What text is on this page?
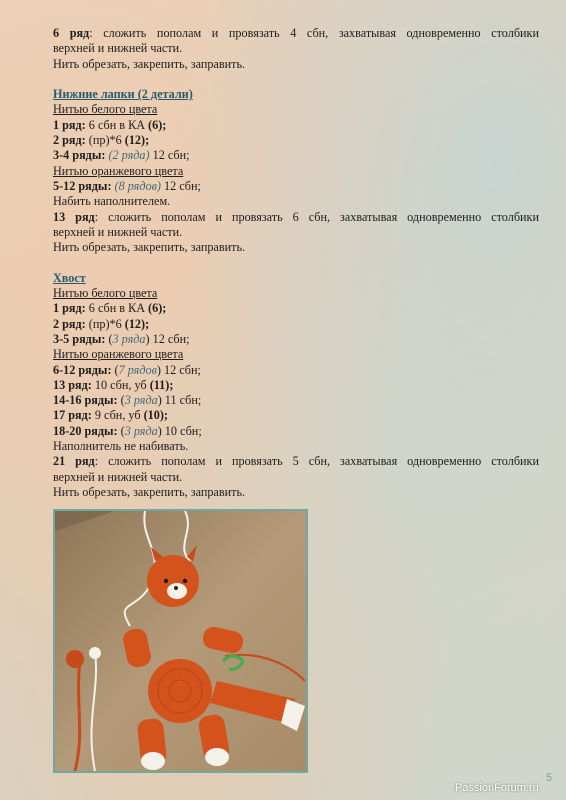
6 ряд: сложить пополам и провязать 4 сбн, захватывая одновременно столбики
верхней и нижней части.
Нить обрезать, закрепить, заправить.
Нижние лапки (2 детали)
Нитью белого цвета
1 ряд: 6 сбн в КА (6);
2 ряд: (пр)*6 (12);
3-4 ряды: (2 ряда) 12 сбн;
Нитью оранжевого цвета
5-12 ряды: (8 рядов) 12 сбн;
Набить наполнителем.
13 ряд: сложить пополам и провязать 6 сбн, захватывая одновременно столбики
верхней и нижней части.
Нить обрезать, закрепить, заправить.
Хвост
Нитью белого цвета
1 ряд: 6 сбн в КА (6);
2 ряд: (пр)*6 (12);
3-5 ряды: (3 ряда) 12 сбн;
Нитью оранжевого цвета
6-12 ряды: (7 рядов) 12 сбн;
13 ряд: 10 сбн, уб (11);
14-16 ряды: (3 ряда) 11 сбн;
17 ряд: 9 сбн, уб (10);
18-20 ряды: (3 ряда) 10 сбн;
Наполнитель не набивать.
21 ряд: сложить пополам и провязать 5 сбн, захватывая одновременно столбики
верхней и нижней части.
Нить обрезать, закрепить, заправить.
5
PassionForum.ru
